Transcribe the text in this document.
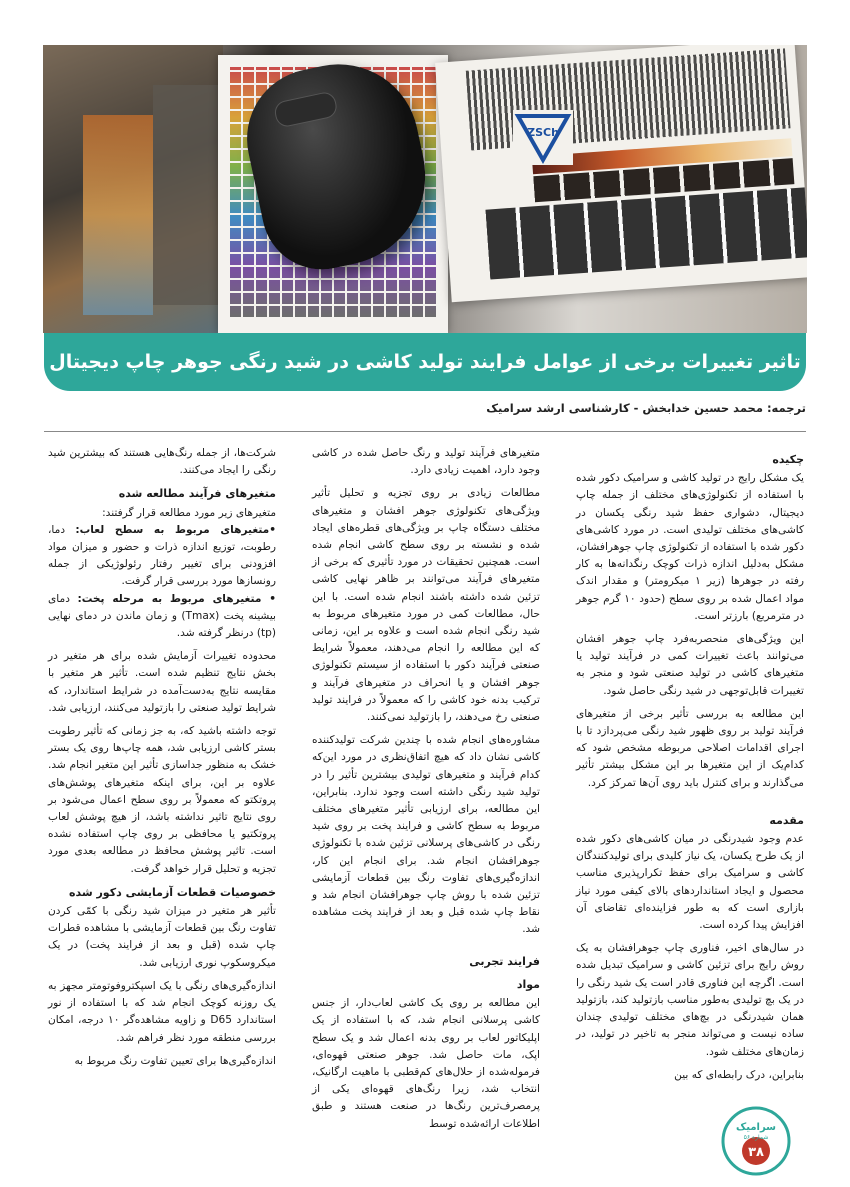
ZSCh
تاثیر تغییرات برخی از عوامل فرایند تولید کاشی در شید رنگی جوهر چاپ دیجیتال
ترجمه: محمد حسین خدابخش - کارشناسی ارشد سرامیک
چکیده

یک مشکل رایج در تولید کاشی و سرامیک دکور شده با استفاده از تکنولوژی‌های مختلف از جمله چاپ دیجیتال، دشواری حفظ شید رنگی یکسان در کاشی‌های مختلف تولیدی است. در مورد کاشی‌های دکور شده با استفاده از تکنولوژی چاپ جوهرافشان، مشکل به‌دلیل اندازه ذرات کوچک رنگدانه‌ها به کار رفته در جوهرها (زیر ۱ میکرومتر) و مقدار اندک مواد اعمال شده بر روی سطح (حدود ۱۰ گرم جوهر در مترمربع) بارزتر است.

این ویژگی‌های منحصربه‌فرد چاپ جوهر افشان می‌توانند باعث تغییرات کمی در فرآیند تولید یا متغیرهای کاشی در تولید صنعتی شود و منجر به تغییرات قابل‌توجهی در شید رنگی حاصل شود.

این مطالعه به بررسی تأثیر برخی از متغیرهای فرآیند تولید بر روی ظهور شید رنگی می‌پردازد تا با اجرای اقدامات اصلاحی مربوطه مشخص شود که کدام‌یک از این متغیرها بر این مشکل بیشتر تأثیر می‌گذارند و برای کنترل باید روی آن‌ها تمرکز کرد.

مقدمه

عدم وجود شیدرنگی در میان کاشی‌های دکور شده از یک طرح یکسان، یک نیاز کلیدی برای تولیدکنندگان کاشی و سرامیک برای حفظ تکرارپذیری مناسب محصول و ایجاد استانداردهای بالای کیفی مورد نیاز بازاری است که به طور فزاینده‌ای تقاضای آن افزایش پیدا کرده است.

در سال‌های اخیر، فناوری چاپ جوهرافشان به یک روش رایج برای تزئین کاشی و سرامیک تبدیل شده است. اگرچه این فناوری قادر است یک شید رنگی را در یک بچ تولیدی به‌طور مناسب بازتولید کند، بازتولید همان شیدرنگی در بچ‌های مختلف تولیدی چندان ساده نیست و می‌تواند منجر به تاخیر در تولید، در زمان‌های مختلف شود.

بنابراین، درک رابطه‌ای که بین

متغیرهای فرآیند تولید و رنگ حاصل شده در کاشی وجود دارد، اهمیت زیادی دارد.

مطالعات زیادی بر روی تجزیه و تحلیل تأثیر ویژگی‌های تکنولوژی جوهر افشان و متغیرهای مختلف دستگاه چاپ بر ویژگی‌های قطره‌های ایجاد شده و نشسته بر روی سطح کاشی انجام شده است. همچنین تحقیقات در مورد تأثیری که برخی از متغیرهای فرآیند می‌توانند بر ظاهر نهایی کاشی تزئین شده داشته باشند انجام شده است. با این حال، مطالعات کمی در مورد متغیرهای مربوط به شید رنگی انجام شده است و علاوه بر این، زمانی که این مطالعه را انجام می‌دهند، معمولاً شرایط صنعتی فرآیند دکور با استفاده از سیستم تکنولوژی جوهر افشان و یا انحراف در متغیرهای فرآیند و ترکیب بدنه خود کاشی را که معمولاً در فرایند تولید صنعتی رخ می‌دهند، را بازتولید نمی‌کنند.

مشاوره‌های انجام شده با چندین شرکت تولیدکننده کاشی نشان داد که هیچ اتفاق‌نظری در مورد این‌که کدام فرآیند و متغیرهای تولیدی بیشترین تأثیر را در تولید شید رنگی داشته است وجود ندارد. بنابراین، این مطالعه، برای ارزیابی تأثیر متغیرهای مختلف مربوط به سطح کاشی و فرایند پخت بر روی شید رنگی در کاشی‌های پرسلانی تزئین شده با تکنولوژی جوهرافشان انجام شد. برای انجام این کار، اندازه‌گیری‌های تفاوت رنگ بین قطعات آزمایشی تزئین شده با روش چاپ جوهرافشان انجام شد و نقاط چاپ شده قبل و بعد از فرایند پخت مشاهده شد.

فرایند تجربی
مواد

این مطالعه بر روی یک کاشی لعاب‌دار، از جنس کاشی پرسلانی انجام شد، که با استفاده از یک اپلیکاتور لعاب بر روی بدنه اعمال شد و یک سطح اپک، مات حاصل شد. جوهر صنعتی قهوه‌ای، فرموله‌شده از حلال‌های کم‌قطبی با ماهیت ارگانیک، انتخاب شد، زیرا رنگ‌های قهوه‌ای یکی از پرمصرف‌ترین رنگ‌ها در صنعت هستند و طبق اطلاعات ارائه‌شده توسط

شرکت‌ها، از جمله رنگ‌هایی هستند که بیشترین شید رنگی را ایجاد می‌کنند.

متغیرهای فرآیند مطالعه شده

متغیرهای زیر مورد مطالعه قرار گرفتند:

•متغیرهای مربوط به سطح لعاب: دما، رطوبت، توزیع اندازه ذرات و حضور و میزان مواد افزودنی برای تغییر رفتار رئولوژیکی از جمله رونسازها مورد بررسی قرار گرفت.

• متغیرهای مربوط به مرحله پخت: دمای بیشینه پخت (Tmax) و زمان ماندن در دمای نهایی (tp) درنظر گرفته شد.

محدوده تغییرات آزمایش شده برای هر متغیر در بخش نتایج تنظیم شده است. تأثیر هر متغیر با مقایسه نتایج به‌دست‌آمده در شرایط استاندارد، که شرایط تولید صنعتی را بازتولید می‌کنند، ارزیابی شد.

توجه داشته باشید که، به جز زمانی که تأثیر رطوبت بستر کاشی ارزیابی شد، همه چاپ‌ها روی یک بستر خشک به منظور جداسازی تأثیر این متغیر انجام شد. علاوه بر این، برای اینکه متغیرهای پوشش‌های پروتکتو که معمولاً بر روی سطح اعمال می‌شود بر روی نتایج تاثیر نداشته باشد، از هیچ پوشش لعاب پروتکتیو یا محافظی بر روی چاپ استفاده نشده است. تاثیر پوشش محافظ در مطالعه بعدی مورد تجزیه و تحلیل قرار خواهد گرفت.

خصوصیات قطعات آزمایشی دکور شده

تأثیر هر متغیر در میزان شید رنگی با کمّی کردن تفاوت رنگ بین قطعات آزمایشی با مشاهده قطرات چاپ شده (قبل و بعد از فرایند پخت) در یک میکروسکوپ نوری ارزیابی شد.

اندازه‌گیری‌های رنگی با یک اسپکتروفوتومتر مجهز به یک روزنه کوچک انجام شد که با استفاده از نور استاندارد D65 و زاویه مشاهده‌گر ۱۰ درجه، امکان بررسی منطقه مورد نظر فراهم شد.

اندازه‌گیری‌ها برای تعیین تفاوت رنگ مربوط به

۳۸
سرامیک
شماره ۵۶
